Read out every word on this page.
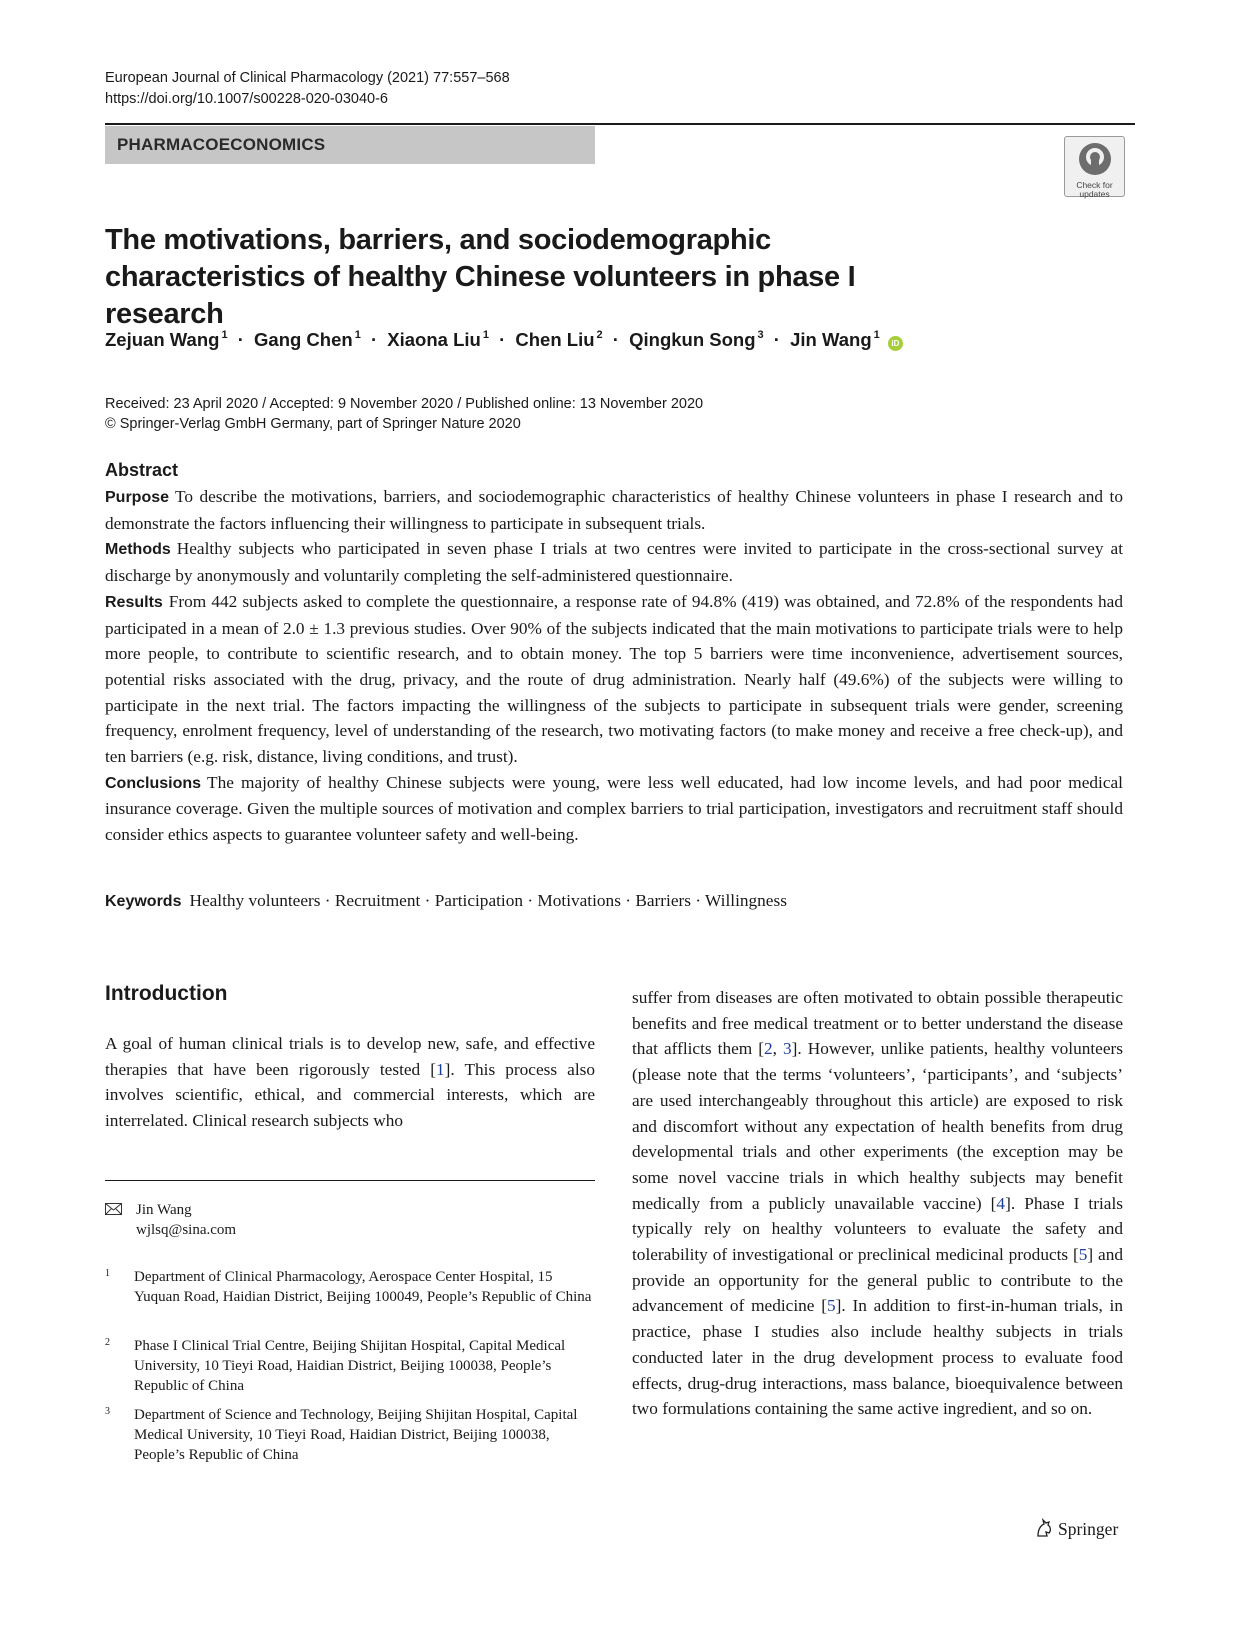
European Journal of Clinical Pharmacology (2021) 77:557–568
https://doi.org/10.1007/s00228-020-03040-6
PHARMACOECONOMICS
Check for
updates
The motivations, barriers, and sociodemographic characteristics of healthy Chinese volunteers in phase I research
Zejuan Wang $^1$ · Gang Chen $^1$ · Xiaona Liu $^1$ · Chen Liu $^2$ · Qingkun Song $^3$ · Jin Wang $^1$ iD
Received: 23 April 2020 / Accepted: 9 November 2020 / Published online: 13 November 2020
© Springer-Verlag GmbH Germany, part of Springer Nature 2020
Abstract

Purpose To describe the motivations, barriers, and sociodemographic characteristics of healthy Chinese volunteers in phase I research and to demonstrate the factors influencing their willingness to participate in subsequent trials.

Methods Healthy subjects who participated in seven phase I trials at two centres were invited to participate in the cross-sectional survey at discharge by anonymously and voluntarily completing the self-administered questionnaire.

Results From 442 subjects asked to complete the questionnaire, a response rate of 94.8% (419) was obtained, and 72.8% of the respondents had participated in a mean of 2.0 ± 1.3 previous studies. Over 90% of the subjects indicated that the main motivations to participate trials were to help more people, to contribute to scientific research, and to obtain money. The top 5 barriers were time inconvenience, advertisement sources, potential risks associated with the drug, privacy, and the route of drug administration. Nearly half (49.6%) of the subjects were willing to participate in the next trial. The factors impacting the willingness of the subjects to participate in subsequent trials were gender, screening frequency, enrolment frequency, level of understanding of the research, two motivating factors (to make money and receive a free check-up), and ten barriers (e.g. risk, distance, living conditions, and trust).

Conclusions The majority of healthy Chinese subjects were young, were less well educated, had low income levels, and had poor medical insurance coverage. Given the multiple sources of motivation and complex barriers to trial participation, investigators and recruitment staff should consider ethics aspects to guarantee volunteer safety and well-being.

Keywords Healthy volunteers · Recruitment · Participation · Motivations · Barriers · Willingness
Introduction

A goal of human clinical trials is to develop new, safe, and effective therapies that have been rigorously tested [1]. This process also involves scientific, ethical, and commercial interests, which are interrelated. Clinical research subjects who

suffer from diseases are often motivated to obtain possible therapeutic benefits and free medical treatment or to better understand the disease that afflicts them [2, 3]. However, unlike patients, healthy volunteers (please note that the terms ‘volunteers’, ‘participants’, and ‘subjects’ are used interchangeably throughout this article) are exposed to risk and discomfort without any expectation of health benefits from drug developmental trials and other experiments (the exception may be some novel vaccine trials in which healthy subjects may benefit medically from a publicly unavailable vaccine) [4]. Phase I trials typically rely on healthy volunteers to evaluate the safety and tolerability of investigational or preclinical medicinal products [5] and provide an opportunity for the general public to contribute to the advancement of medicine [5]. In addition to first-in-human trials, in practice, phase I studies also include healthy subjects in trials conducted later in the drug development process to evaluate food effects, drug-drug interactions, mass balance, bioequivalence between two formulations containing the same active ingredient, and so on.

Jin Wang
wjlsq@sina.com
1 Department of Clinical Pharmacology, Aerospace Center Hospital, 15 Yuquan Road, Haidian District, Beijing 100049, People’s Republic of China
2 Phase I Clinical Trial Centre, Beijing Shijitan Hospital, Capital Medical University, 10 Tieyi Road, Haidian District, Beijing 100038, People’s Republic of China
3 Department of Science and Technology, Beijing Shijitan Hospital, Capital Medical University, 10 Tieyi Road, Haidian District, Beijing 100038, People’s Republic of China
Springer
